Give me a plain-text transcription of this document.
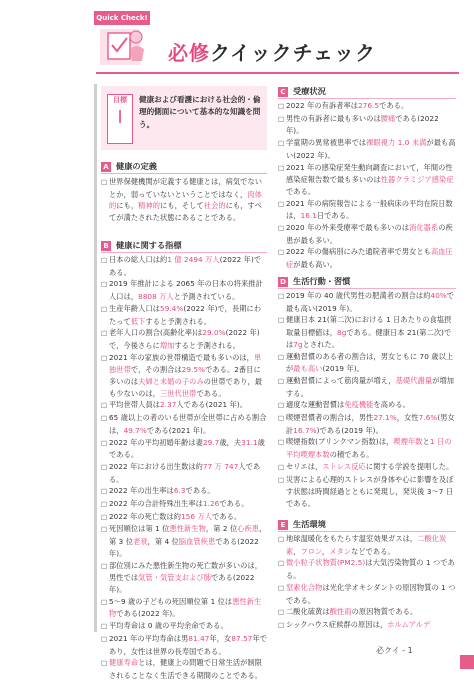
Quick Check!
必修クイックチェック
目標
Ⅰ
健康および看護における社会的・倫理的側面について基本的な知識を問う。
A 健康の定義
□ 世界保健機関が定義する健康とは，病気でないとか，弱っていないということではなく，肉体的にも，精神的にも，そして社会的にも，すべてが満たされた状態にあることである。
B 健康に関する指標
□ 日本の総人口は約1 億 2494 万人(2022 年)である。
□ 2019 年推計による 2065 年の日本の将来推計人口は，8808 万人と予測されている。
□ 生産年齢人口は59.4%(2022 年)で，長期にわたって低下すると予測される。
□ 老年人口の割合(高齢化率)は29.0%(2022 年)で，今後さらに増加すると予測される。
□ 2021 年の家族の世帯構造で最も多いのは，単独世帯で，その割合は29.5%である。2番目に多いのは夫婦と未婚の子のみの世帯であり，最も少ないのは，三世代世帯である。
□ 平均世帯人員は2.37人である(2021 年)。
□ 65 歳以上の者のいる世帯が全世帯に占める割合は，49.7%である(2021 年)。
□ 2022 年の平均初婚年齢は妻29.7歳，夫31.1歳である。
□ 2022 年における出生数は約77 万 747人である。
□ 2022 年の出生率は6.3である。
□ 2022 年の合計特殊出生率は1.26である。
□ 2022 年の死亡数は約156 万人である。
□ 死因順位は第 1 位悪性新生物，第 2 位心疾患，第 3 位老衰，第 4 位脳血管疾患である(2022 年)。
□ 部位別にみた悪性新生物の死亡数が多いのは，男性では気管・気管支および肺である(2022 年)。
□ 5～9 歳の子どもの死因順位第 1 位は悪性新生物である(2022 年)。
□ 平均寿命は 0 歳の平均余命である。
□ 2021 年の平均寿命は男81.47年，女87.57年であり，女性は世界の長寿国である。
□ 健康寿命とは，健康上の問題で日常生活が制限されることなく生活できる期間のことである。
C 受療状況
□ 2022 年の有訴者率は276.5である。
□ 男性の有訴者に最も多いのは腰痛である(2022 年)。
□ 学童期の異常被患率では裸眼視力 1.0 未満が最も高い(2022 年)。
□ 2021 年の感染症発生動向調査において，年間の性感染症報告数で最も多いのは性器クラミジア感染症である。
□ 2021 年の病院報告による一般病床の平均在院日数は，16.1日である。
□ 2020 年の外来受療率で最も多いのは消化器系の疾患が最も多い。
□ 2022 年の傷病別にみた通院者率で男女とも高血圧症が最も高い。
D 生活行動・習慣
□ 2019 年の 40 歳代男性の肥満者の割合は約40%で最も高い(2019 年)。
□ 健康日本 21(第二次)における 1 日あたりの食塩摂取量目標値は，8gである。健康日本 21(第二次)では7gとされた。
□ 運動習慣のある者の割合は，男女ともに 70 歳以上が最も高い(2019 年)。
□ 運動習慣によって筋肉量が増え，基礎代謝量が増加する。
□ 適度な運動習慣は免疫機能を高める。
□ 喫煙習慣者の割合は，男性27.1%，女性7.6%(男女計16.7%)である(2019 年)。
□ 喫煙指数(ブリンクマン指数)は，喫煙年数と1 日の平均喫煙本数の積である。
□ セリエは，ストレス反応に関する学説を提唱した。
□ 災害による心理的ストレスが身体や心に影響を及ぼす状態は時間経過とともに発現し，発災後 3～7 日である。
E 生活環境
□ 地球温暖化をもたらす温室効果ガスは，二酸化炭素，フロン，メタンなどである。
□ 微小粒子状物質(PM2.5)は大気汚染物質の 1 つである。
□ 窒素化合物は光化学オキシダントの原因物質の 1 つである。
□ 二酸化硫黄は酸性雨の原因物質である。
□ シックハウス症候群の原因は，ホルムアルデ
必クイ - 1
